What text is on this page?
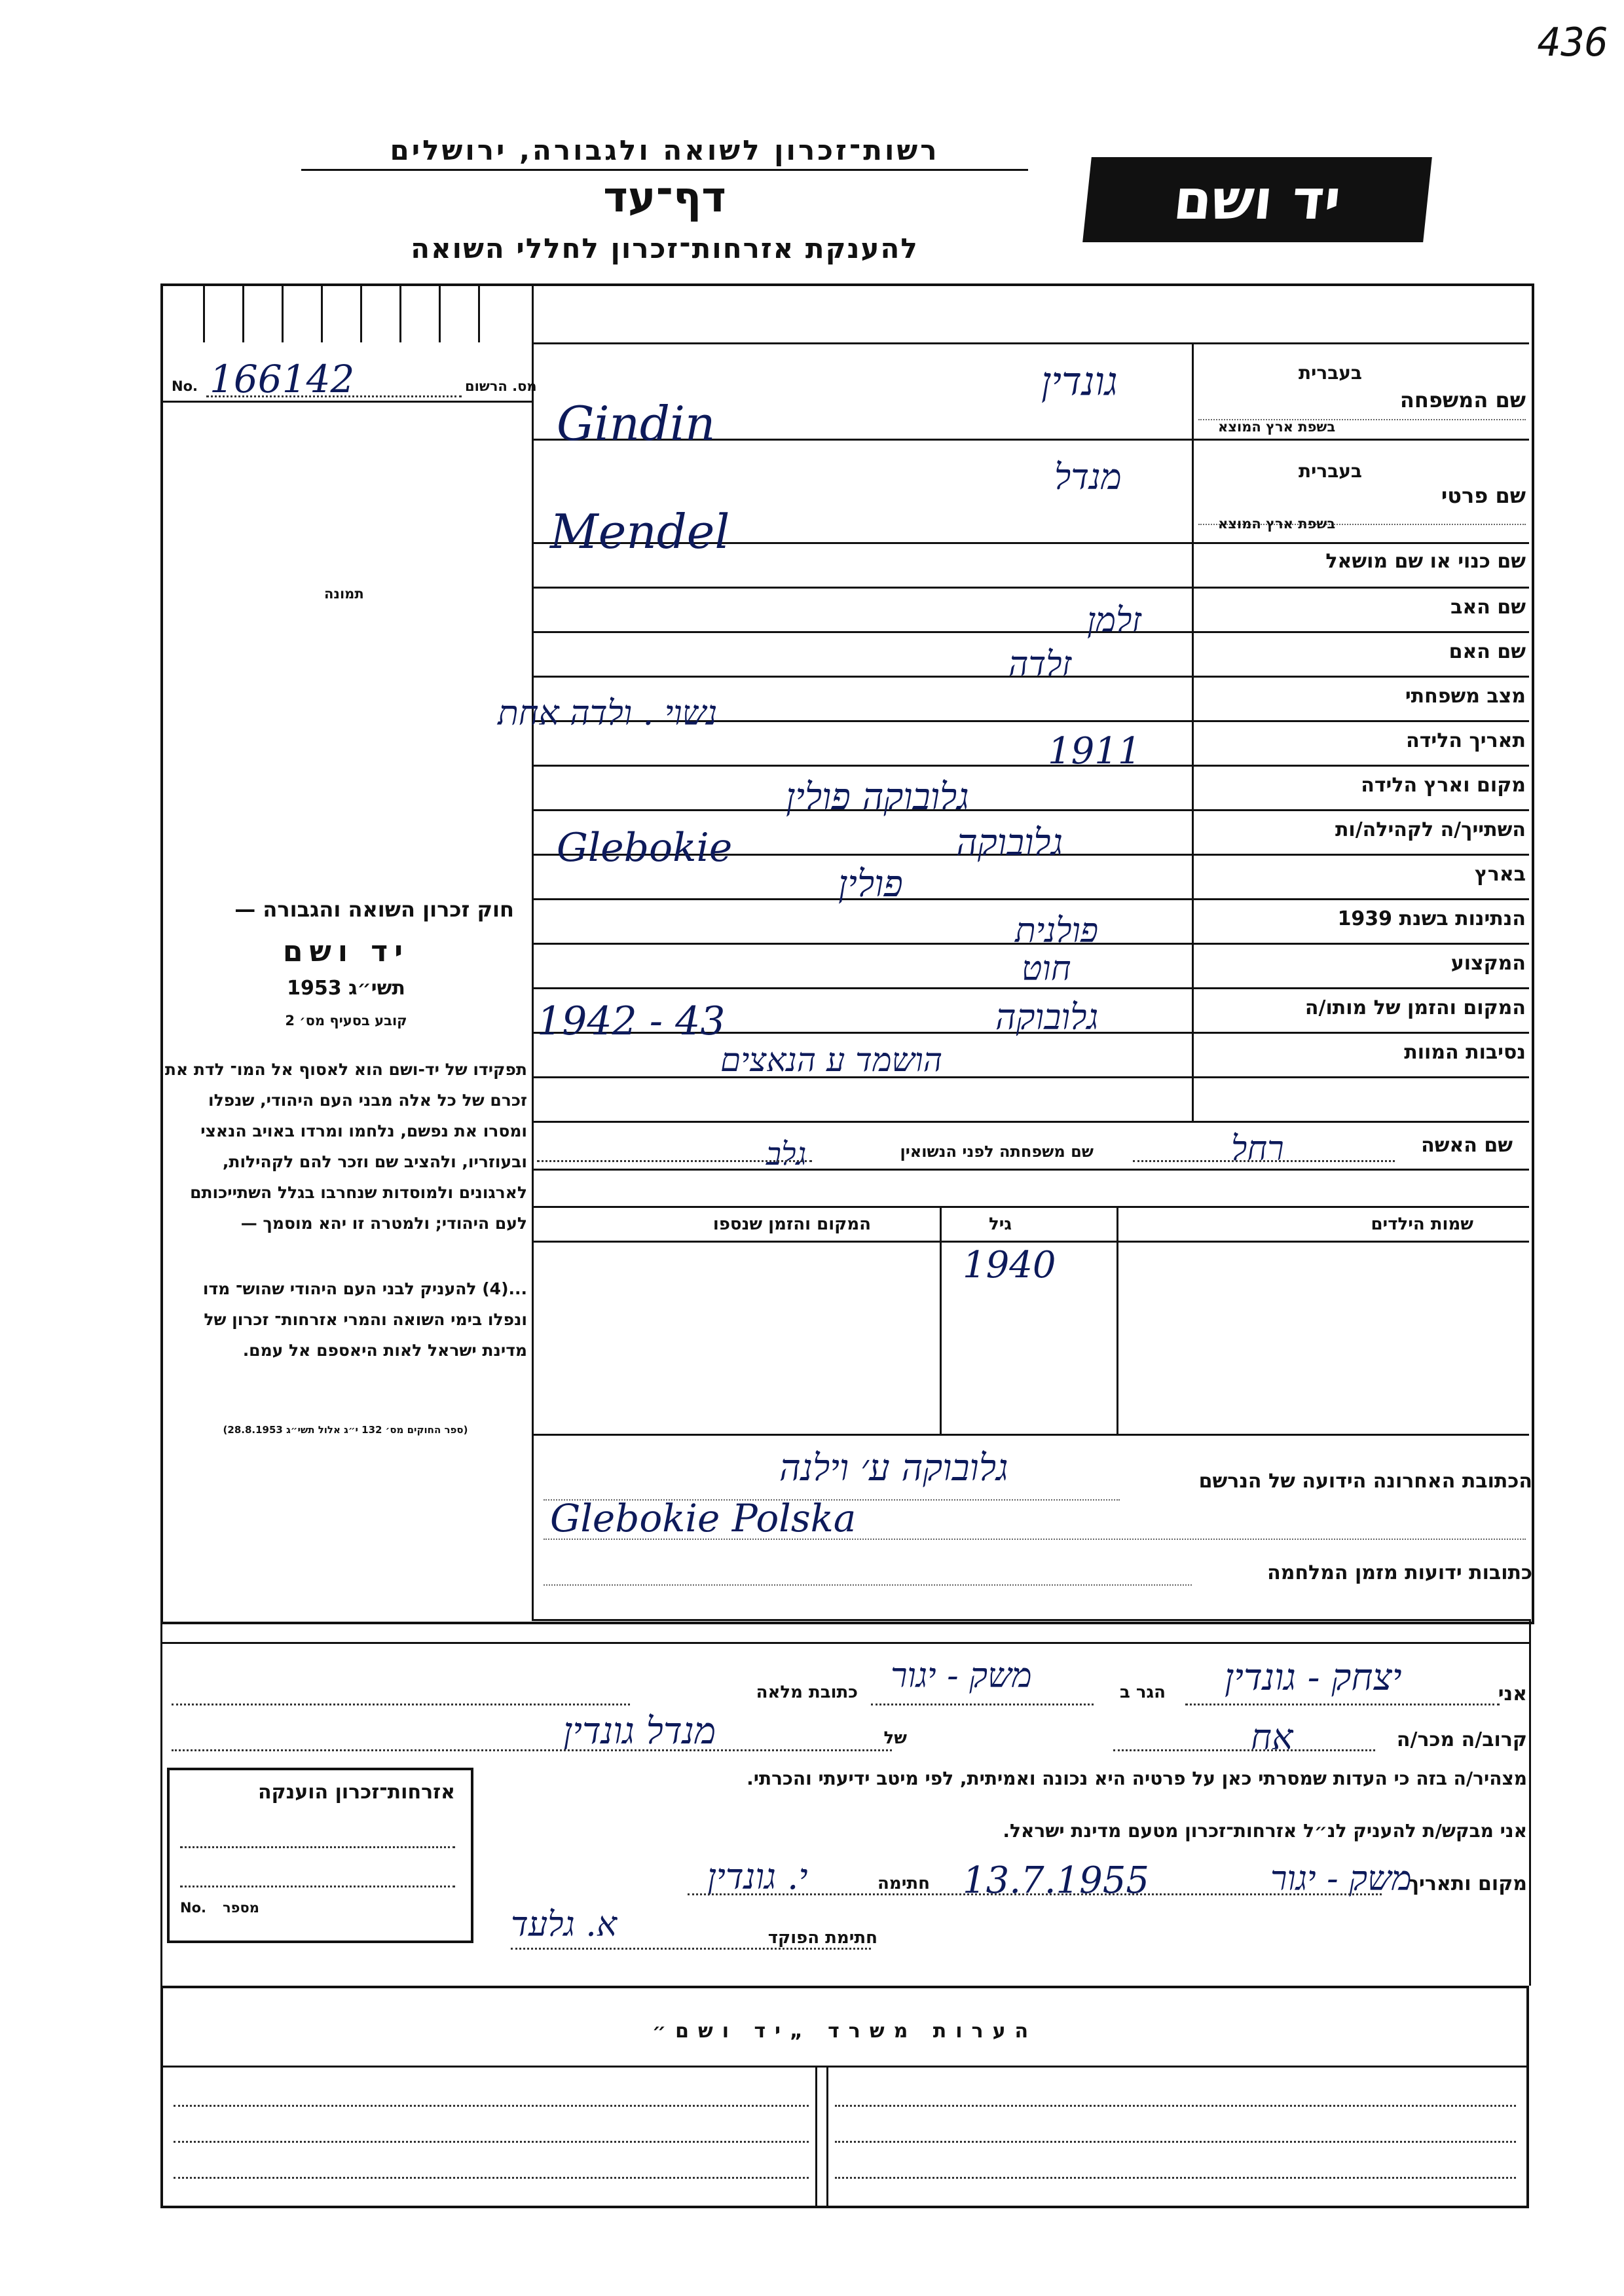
436
רשות־זכרון לשואה ולגבורה, ירושלים
דף־עד
להענקת אזרחות־זכרון לחללי השואה
יד ושם
מס. הרשום
No. 166142
תמונה
חוק זכרון השואה והגבורה —
יד ושם
תשי״ג 1953
קובע בסעיף מס׳ 2
תפקידו של יד-ושם הוא לאסוף אל המו־ לדת את זכרם של כל אלה מבני העם היהודי, שנפלו ומסרו את נפשם, נלחמו ומרדו באויב הנאצי ובעוזריו, ולהציב שם וזכר להם לקהילות, לארגונים ולמוסדות שנחרבו בגלל השתייכותם לעם היהודי; ולמטרה זו יהא מוסמך —
...(4) להעניק לבני העם היהודי שהוש־ מדו ונפלו בימי השואה והמרי אזרחות־ זכרון של מדינת ישראל לאות היאספם אל עמם.
(ספר החוקים מס׳ 132 י״ג אלול תשי״ג 28.8.1953)
שם המשפחה
בעברית
בשפת ארץ המוצא
גונדין
Gindin
שם פרטי
בעברית
בשפת ארץ המוצא
מנדל
Mendel
שם כנוי או שם מושאל
שם האב
זלמן
שם האם
זלדה
מצב משפחתי
נשוי . ולדה אחת
תאריך הלידה
1911
מקום וארץ הלידה
גלובוקה פולין
השתייך/ה לקהילה/ות
גלובוקה
Glebokie
בארץ
פולין
הנתינות בשנת 1939
פולנית
המקצוע
חוט
המקום והזמן של מותו/ה
גלובוקה
1942 - 43
נסיבות המוות
הושמד ע הנאצים
שם האשה
רחל
שם משפחתה לפני הנשואין
גלב
שמות הילדים
גיל
המקום והזמן שנספו
1940
הכתובת האחרונה הידועה של הנרשם
גלובוקה ע׳ וילנה
Glebokie Polska
כתובות ידועות מזמן המלחמה
אני
יצחק - גונדין
הגר ב
משק - יגור
כתובת מלאה
קרוב/ה מכר/ה
אח
של
מנדל גונדין
מצהיר/ה בזה כי העדות שמסרתי כאן על פרטיה היא נכונה ואמיתית, לפי מיטב ידיעתי והכרתי.
אני מבקש/ת להעניק לנ״ל אזרחות־זכרון מטעם מדינת ישראל.
מקום ותאריך
משק - יגור
13.7.1955
חתימה
י. גונדין
חתימת הפוקד
א. גלעד
אזרחות־זכרון הוענקה
No. מספר
הערות משרד „יד ושם״
